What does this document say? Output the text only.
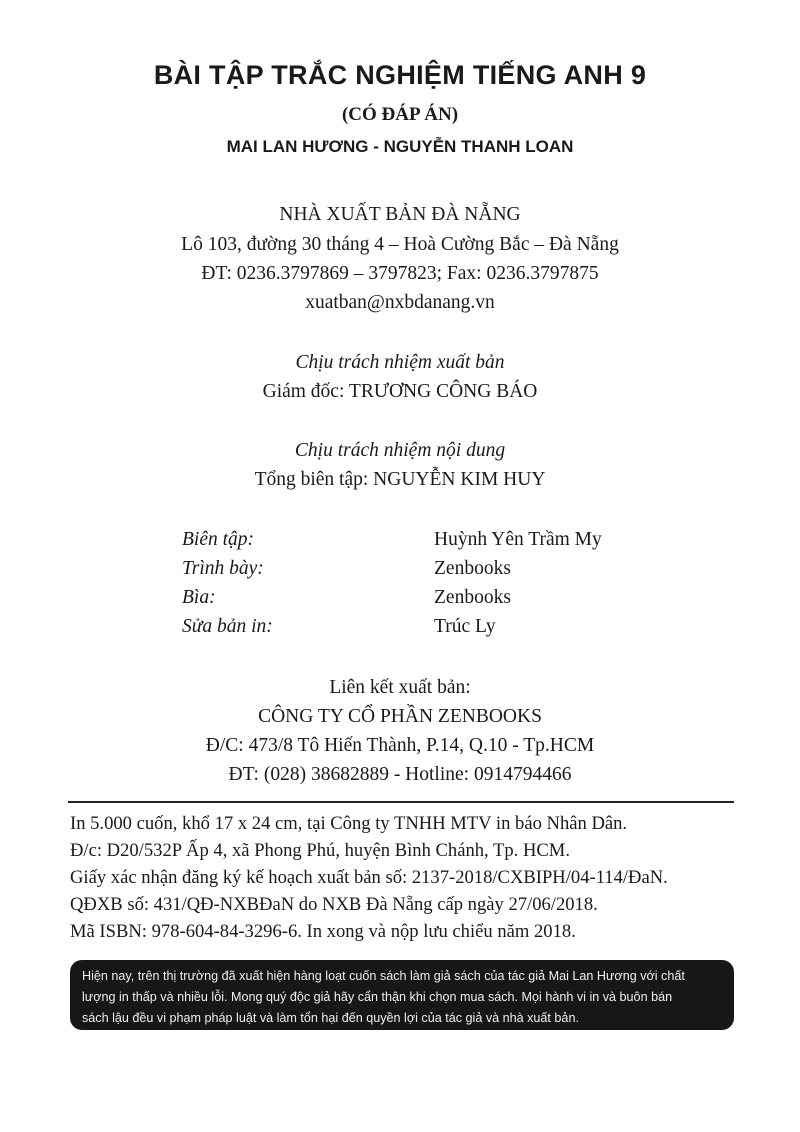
BÀI TẬP TRẮC NGHIỆM TIẾNG ANH 9
(CÓ ĐÁP ÁN)
MAI LAN HƯƠNG - NGUYỄN THANH LOAN
NHÀ XUẤT BẢN ĐÀ NẴNG
Lô 103, đường 30 tháng 4 – Hoà Cường Bắc – Đà Nẵng
ĐT: 0236.3797869 – 3797823; Fax: 0236.3797875
xuatban@nxbdanang.vn
Chịu trách nhiệm xuất bản
Giám đốc: TRƯƠNG CÔNG BÁO
Chịu trách nhiệm nội dung
Tổng biên tập: NGUYỄN KIM HUY
Biên tập:	Huỳnh Yên Trầm My
Trình bày:	Zenbooks
Bìa:	Zenbooks
Sửa bản in:	Trúc Ly
Liên kết xuất bản:
CÔNG TY CỔ PHẦN ZENBOOKS
Đ/C: 473/8 Tô Hiến Thành, P.14, Q.10 - Tp.HCM
ĐT: (028) 38682889 - Hotline: 0914794466
In 5.000 cuốn, khổ 17 x 24 cm, tại Công ty TNHH MTV in báo Nhân Dân.
Đ/c: D20/532P Ấp 4, xã Phong Phú, huyện Bình Chánh, Tp. HCM.
Giấy xác nhận đăng ký kế hoạch xuất bản số: 2137-2018/CXBIPH/04-114/ĐaN.
QĐXB số: 431/QĐ-NXBĐaN do NXB Đà Nẵng cấp ngày 27/06/2018.
Mã ISBN: 978-604-84-3296-6. In xong và nộp lưu chiểu năm 2018.
Hiện nay, trên thị trường đã xuất hiện hàng loạt cuốn sách làm giả sách của tác giả Mai Lan Hương với chất
lượng in thấp và nhiều lỗi. Mong quý độc giả hãy cẩn thận khi chọn mua sách. Mọi hành vi in và buôn bán
sách lậu đều vi phạm pháp luật và làm tổn hại đến quyền lợi của tác giả và nhà xuất bản.
